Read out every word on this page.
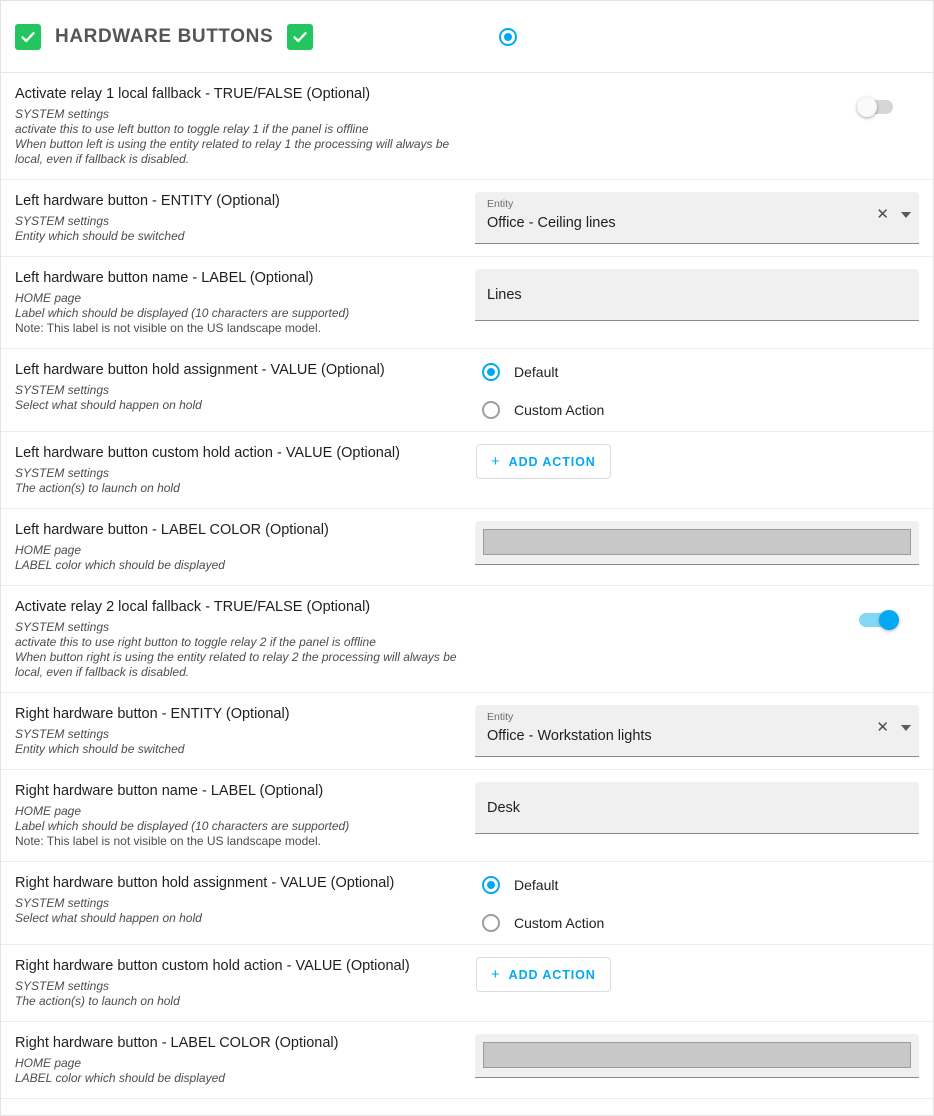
HARDWARE BUTTONS
Activate relay 1 local fallback - TRUE/FALSE (Optional)
SYSTEM settings
activate this to use left button to toggle relay 1 if the panel is offline
When button left is using the entity related to relay 1 the processing will always be local, even if fallback is disabled.
Left hardware button - ENTITY (Optional)
SYSTEM settings
Entity which should be switched
Entity
Office - Ceiling lines	✕
Left hardware button name - LABEL (Optional)
HOME page
Label which should be displayed (10 characters are supported)
Note: This label is not visible on the US landscape model.
Lines
Left hardware button hold assignment - VALUE (Optional)
SYSTEM settings
Select what should happen on hold
Default
Custom Action
Left hardware button custom hold action - VALUE (Optional)
SYSTEM settings
The action(s) to launch on hold
+ ADD ACTION
Left hardware button - LABEL COLOR (Optional)
HOME page
LABEL color which should be displayed
Activate relay 2 local fallback - TRUE/FALSE (Optional)
SYSTEM settings
activate this to use right button to toggle relay 2 if the panel is offline
When button right is using the entity related to relay 2 the processing will always be local, even if fallback is disabled.
Right hardware button - ENTITY (Optional)
SYSTEM settings
Entity which should be switched
Entity
Office - Workstation lights	✕
Right hardware button name - LABEL (Optional)
HOME page
Label which should be displayed (10 characters are supported)
Note: This label is not visible on the US landscape model.
Desk
Right hardware button hold assignment - VALUE (Optional)
SYSTEM settings
Select what should happen on hold
Default
Custom Action
Right hardware button custom hold action - VALUE (Optional)
SYSTEM settings
The action(s) to launch on hold
+ ADD ACTION
Right hardware button - LABEL COLOR (Optional)
HOME page
LABEL color which should be displayed
